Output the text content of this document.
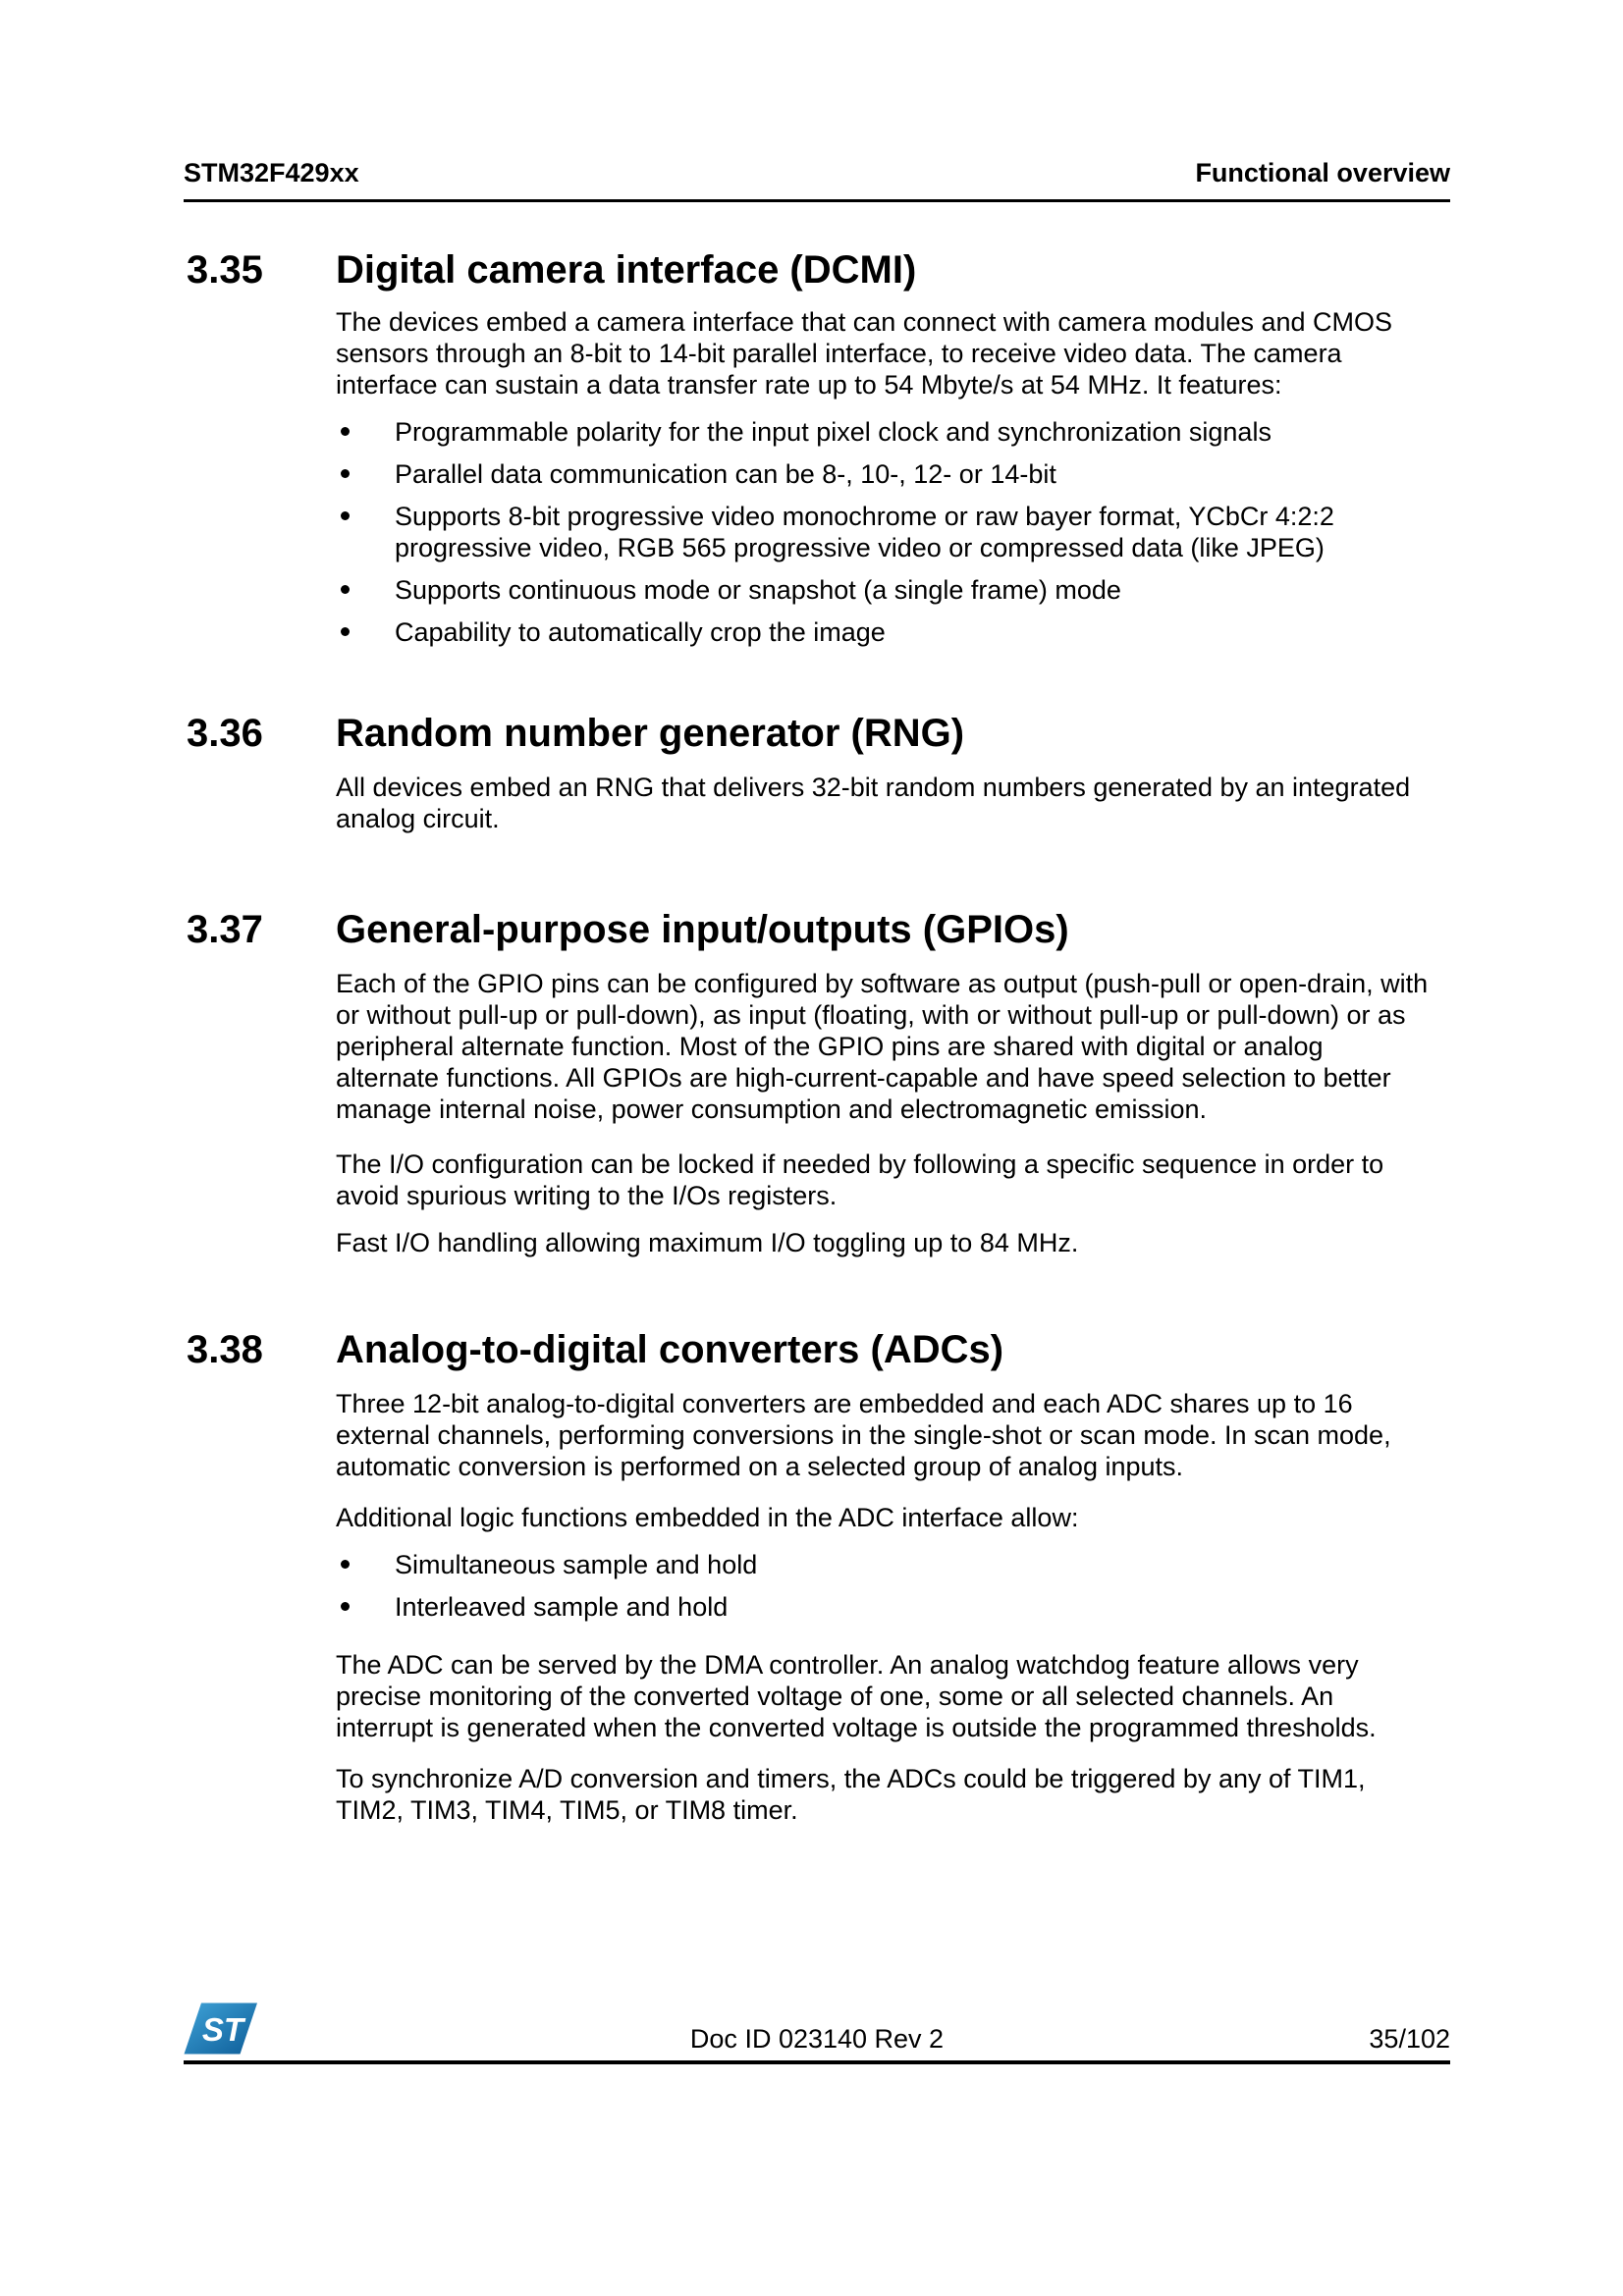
STM32F429xx	Functional overview
3.35	Digital camera interface (DCMI)

The devices embed a camera interface that can connect with camera modules and CMOS sensors through an 8-bit to 14-bit parallel interface, to receive video data. The camera interface can sustain a data transfer rate up to 54 Mbyte/s at 54 MHz. It features:

Programmable polarity for the input pixel clock and synchronization signals
Parallel data communication can be 8-, 10-, 12- or 14-bit
Supports 8-bit progressive video monochrome or raw bayer format, YCbCr 4:2:2 progressive video, RGB 565 progressive video or compressed data (like JPEG)
Supports continuous mode or snapshot (a single frame) mode
Capability to automatically crop the image
3.36	Random number generator (RNG)

All devices embed an RNG that delivers 32-bit random numbers generated by an integrated analog circuit.

3.37	General-purpose input/outputs (GPIOs)

Each of the GPIO pins can be configured by software as output (push-pull or open-drain, with or without pull-up or pull-down), as input (floating, with or without pull-up or pull-down) or as peripheral alternate function. Most of the GPIO pins are shared with digital or analog alternate functions. All GPIOs are high-current-capable and have speed selection to better manage internal noise, power consumption and electromagnetic emission.

The I/O configuration can be locked if needed by following a specific sequence in order to avoid spurious writing to the I/Os registers.

Fast I/O handling allowing maximum I/O toggling up to 84 MHz.

3.38	Analog-to-digital converters (ADCs)

Three 12-bit analog-to-digital converters are embedded and each ADC shares up to 16 external channels, performing conversions in the single-shot or scan mode. In scan mode, automatic conversion is performed on a selected group of analog inputs.

Additional logic functions embedded in the ADC interface allow:

Simultaneous sample and hold
Interleaved sample and hold

The ADC can be served by the DMA controller. An analog watchdog feature allows very precise monitoring of the converted voltage of one, some or all selected channels. An interrupt is generated when the converted voltage is outside the programmed thresholds.

To synchronize A/D conversion and timers, the ADCs could be triggered by any of TIM1, TIM2, TIM3, TIM4, TIM5, or TIM8 timer.

ST	Doc ID 023140 Rev 2	35/102
